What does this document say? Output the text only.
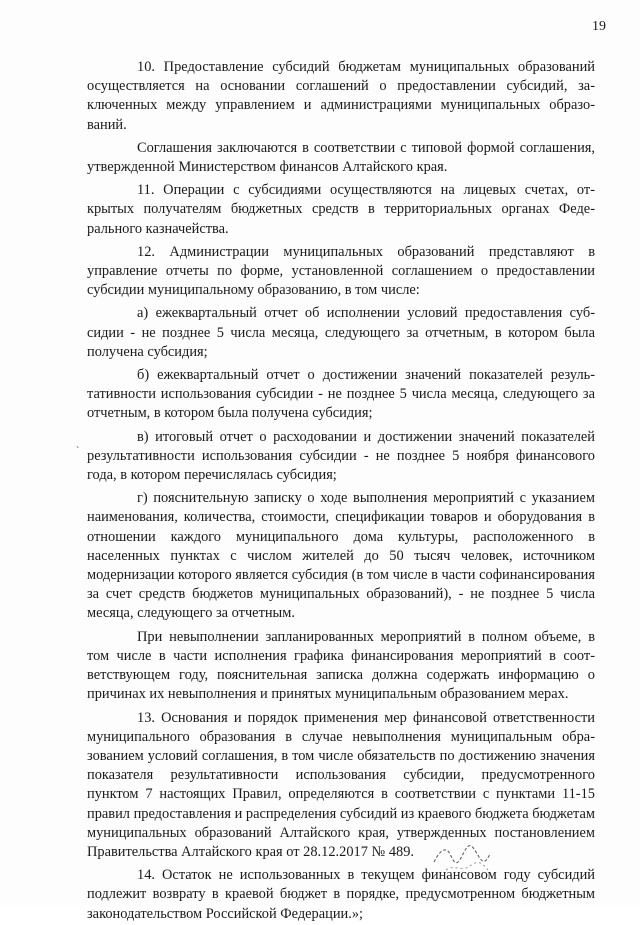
19
`

10. Предоставление субсидий бюджетам муниципальных образований осуществляется на основании соглашений о предоставлении субсидий, заключенных между управлением и администрациями муниципальных образований.

Соглашения заключаются в соответствии с типовой формой соглашения, утвержденной Министерством финансов Алтайского края.

11. Операции с субсидиями осуществляются на лицевых счетах, открытых получателям бюджетных средств в территориальных органах Федерального казначейства.

12. Администрации муниципальных образований представляют в управление отчеты по форме, установленной соглашением о предоставлении субсидии муниципальному образованию, в том числе:

а) ежеквартальный отчет об исполнении условий предоставления субсидии - не позднее 5 числа месяца, следующего за отчетным, в котором была получена субсидия;

б) ежеквартальный отчет о достижении значений показателей результативности использования субсидии - не позднее 5 числа месяца, следующего за отчетным, в котором была получена субсидия;

в) итоговый отчет о расходовании и достижении значений показателей результативности использования субсидии - не позднее 5 ноября финансового года, в котором перечислялась субсидия;

г) пояснительную записку о ходе выполнения мероприятий с указанием наименования, количества, стоимости, спецификации товаров и оборудования в отношении каждого муниципального дома культуры, расположенного в населенных пунктах с числом жителей до 50 тысяч человек, источником модернизации которого является субсидия (в том числе в части софинансирования за счет средств бюджетов муниципальных образований), - не позднее 5 числа месяца, следующего за отчетным.

При невыполнении запланированных мероприятий в полном объеме, в том числе в части исполнения графика финансирования мероприятий в соответствующем году, пояснительная записка должна содержать информацию о причинах их невыполнения и принятых муниципальным образованием мерах.

13. Основания и порядок применения мер финансовой ответственности муниципального образования в случае невыполнения муниципальным образованием условий соглашения, в том числе обязательств по достижению значения показателя результативности использования субсидии, предусмотренного пунктом 7 настоящих Правил, определяются в соответствии с пунктами 11-15 правил предоставления и распределения субсидий из краевого бюджета бюджетам муниципальных образований Алтайского края, утвержденных постановлением Правительства Алтайского края от 28.12.2017 № 489.

14. Остаток не использованных в текущем финансовом году субсидий подлежит возврату в краевой бюджет в порядке, предусмотренном бюджетным законодательством Российской Федерации.»;
